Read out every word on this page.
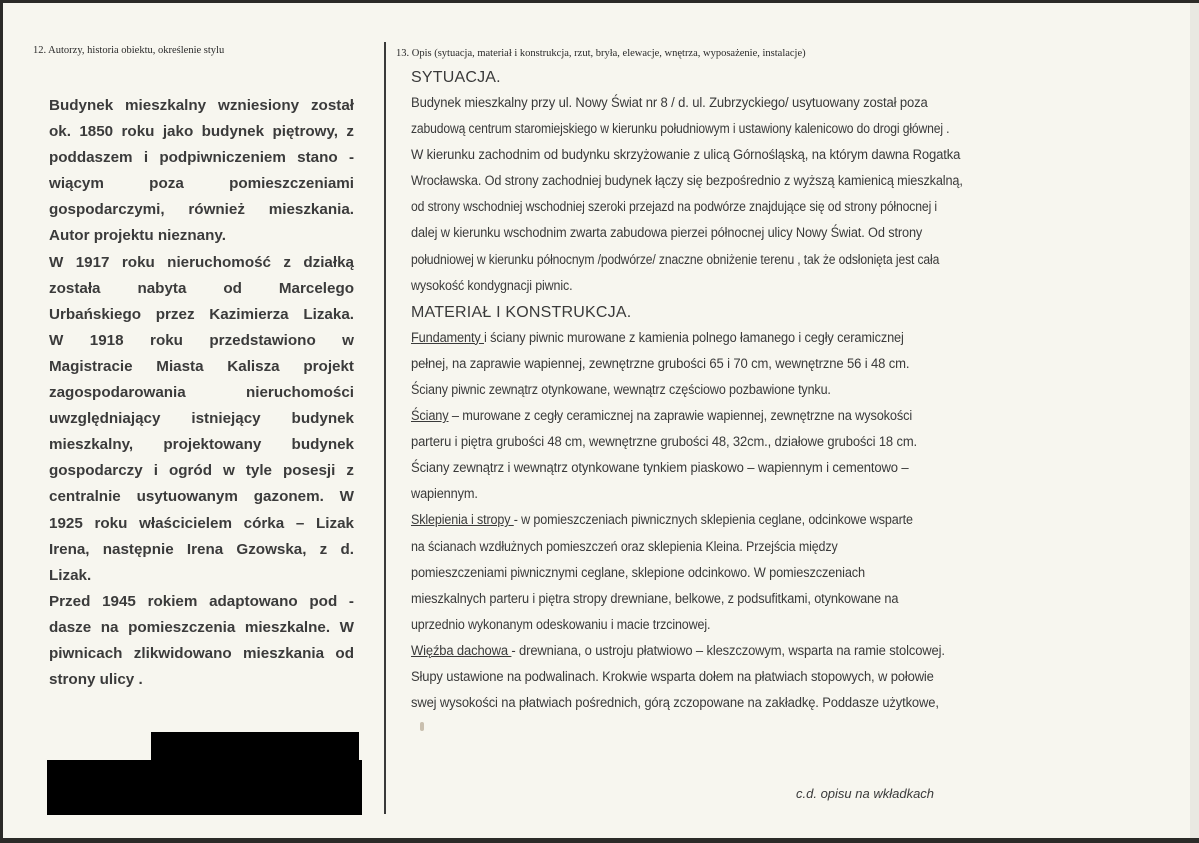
12. Autorzy, historia obiektu, określenie stylu	13. Opis (sytuacja, materiał i konstrukcja, rzut, bryła, elewacje, wnętrza, wyposażenie, instalacje)
Budynek mieszkalny wzniesiony został
ok. 1850 roku jako budynek piętrowy, z
poddaszem i podpiwniczeniem stano -
wiącym poza pomieszczeniami
gospodarczymi, również mieszkania.
Autor projektu nieznany.
W 1917 roku nieruchomość z działką
została nabyta od Marcelego
Urbańskiego przez Kazimierza Lizaka.
W 1918 roku przedstawiono w
Magistracie Miasta Kalisza projekt
zagospodarowania nieruchomości
uwzględniający istniejący budynek
mieszkalny, projektowany budynek
gospodarczy i ogród w tyle posesji z
centralnie usytuowanym gazonem. W
1925 roku właścicielem córka – Lizak
Irena, następnie Irena Gzowska, z d.
Lizak.
Przed 1945 rokiem adaptowano pod -
dasze na pomieszczenia mieszkalne. W
piwnicach zlikwidowano mieszkania od
strony ulicy .
SYTUACJA.
Budynek mieszkalny przy ul. Nowy Świat nr 8 / d. ul. Zubrzyckiego/ usytuowany został poza
zabudową centrum staromiejskiego w kierunku południowym i ustawiony kalenicowo do drogi głównej .
W kierunku zachodnim od budynku skrzyżowanie z ulicą Górnośląską, na którym dawna Rogatka
Wrocławska. Od strony zachodniej budynek łączy się bezpośrednio z wyższą kamienicą mieszkalną,
od strony wschodniej wschodniej szeroki przejazd na podwórze znajdujące się od strony północnej i
dalej w kierunku wschodnim zwarta zabudowa pierzei północnej ulicy Nowy Świat. Od strony
południowej w kierunku północnym /podwórze/ znaczne obniżenie terenu , tak że odsłonięta jest cała
wysokość kondygnacji piwnic.
MATERIAŁ I KONSTRUKCJA.
Fundamenty i ściany piwnic murowane z kamienia polnego łamanego i cegły ceramicznej
pełnej, na zaprawie wapiennej, zewnętrzne grubości 65 i 70 cm, wewnętrzne 56 i 48 cm.
Ściany piwnic zewnątrz otynkowane, wewnątrz częściowo pozbawione tynku.
Ściany – murowane z cegły ceramicznej na zaprawie wapiennej, zewnętrzne na wysokości
parteru i piętra grubości 48 cm, wewnętrzne grubości 48, 32cm., działowe grubości 18 cm.
Ściany zewnątrz i wewnątrz otynkowane tynkiem piaskowo – wapiennym i cementowo –
wapiennym.
Sklepienia i stropy - w pomieszczeniach piwnicznych sklepienia ceglane, odcinkowe wsparte
na ścianach wzdłużnych pomieszczeń oraz sklepienia Kleina. Przejścia między
pomieszczeniami piwnicznymi ceglane, sklepione odcinkowo. W pomieszczeniach
mieszkalnych parteru i piętra stropy drewniane, belkowe, z podsufitkami, otynkowane na
uprzednio wykonanym odeskowaniu i macie trzcinowej.
Więźba dachowa - drewniana, o ustroju płatwiowo – kleszczowym, wsparta na ramie stolcowej.
Słupy ustawione na podwalinach. Krokwie wsparta dołem na płatwiach stopowych, w połowie
swej wysokości na płatwiach pośrednich, górą zczopowane na zakładkę. Poddasze użytkowe,
c.d. opisu na wkładkach
